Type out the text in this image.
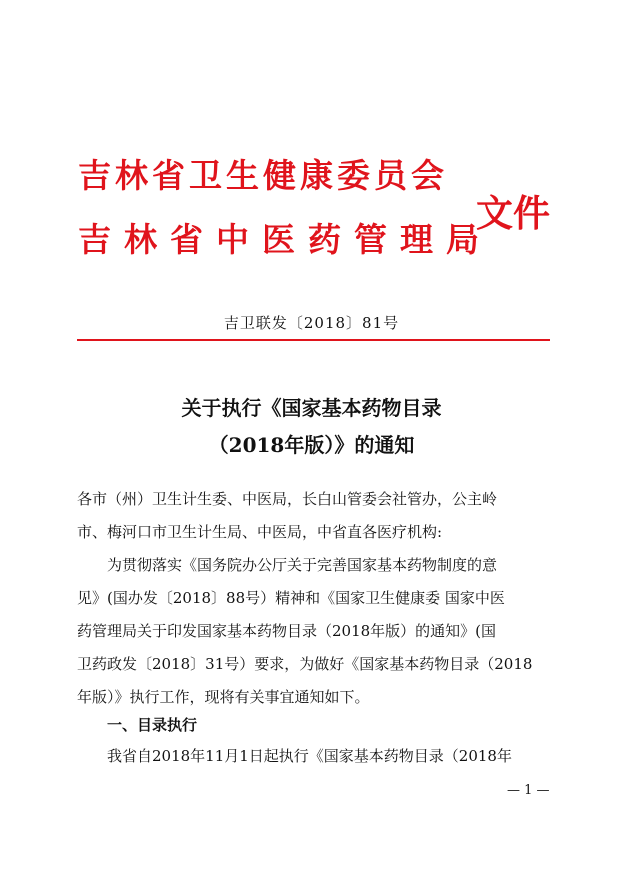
吉林省卫生健康委员会
吉林省中医药管理局
文件
吉卫联发〔2018〕81号
关于执行《国家基本药物目录
（2018年版）》的通知
各市（州）卫生计生委、中医局，长白山管委会社管办，公主岭
市、梅河口市卫生计生局、中医局，中省直各医疗机构:
　　为贯彻落实《国务院办公厅关于完善国家基本药物制度的意
见》(国办发〔2018〕88号）精神和《国家卫生健康委 国家中医
药管理局关于印发国家基本药物目录（2018年版）的通知》(国
卫药政发〔2018〕31号）要求，为做好《国家基本药物目录（2018
年版）》执行工作，现将有关事宜通知如下。
一、目录执行
　　我省自2018年11月1日起执行《国家基本药物目录（2018年
— 1 —
